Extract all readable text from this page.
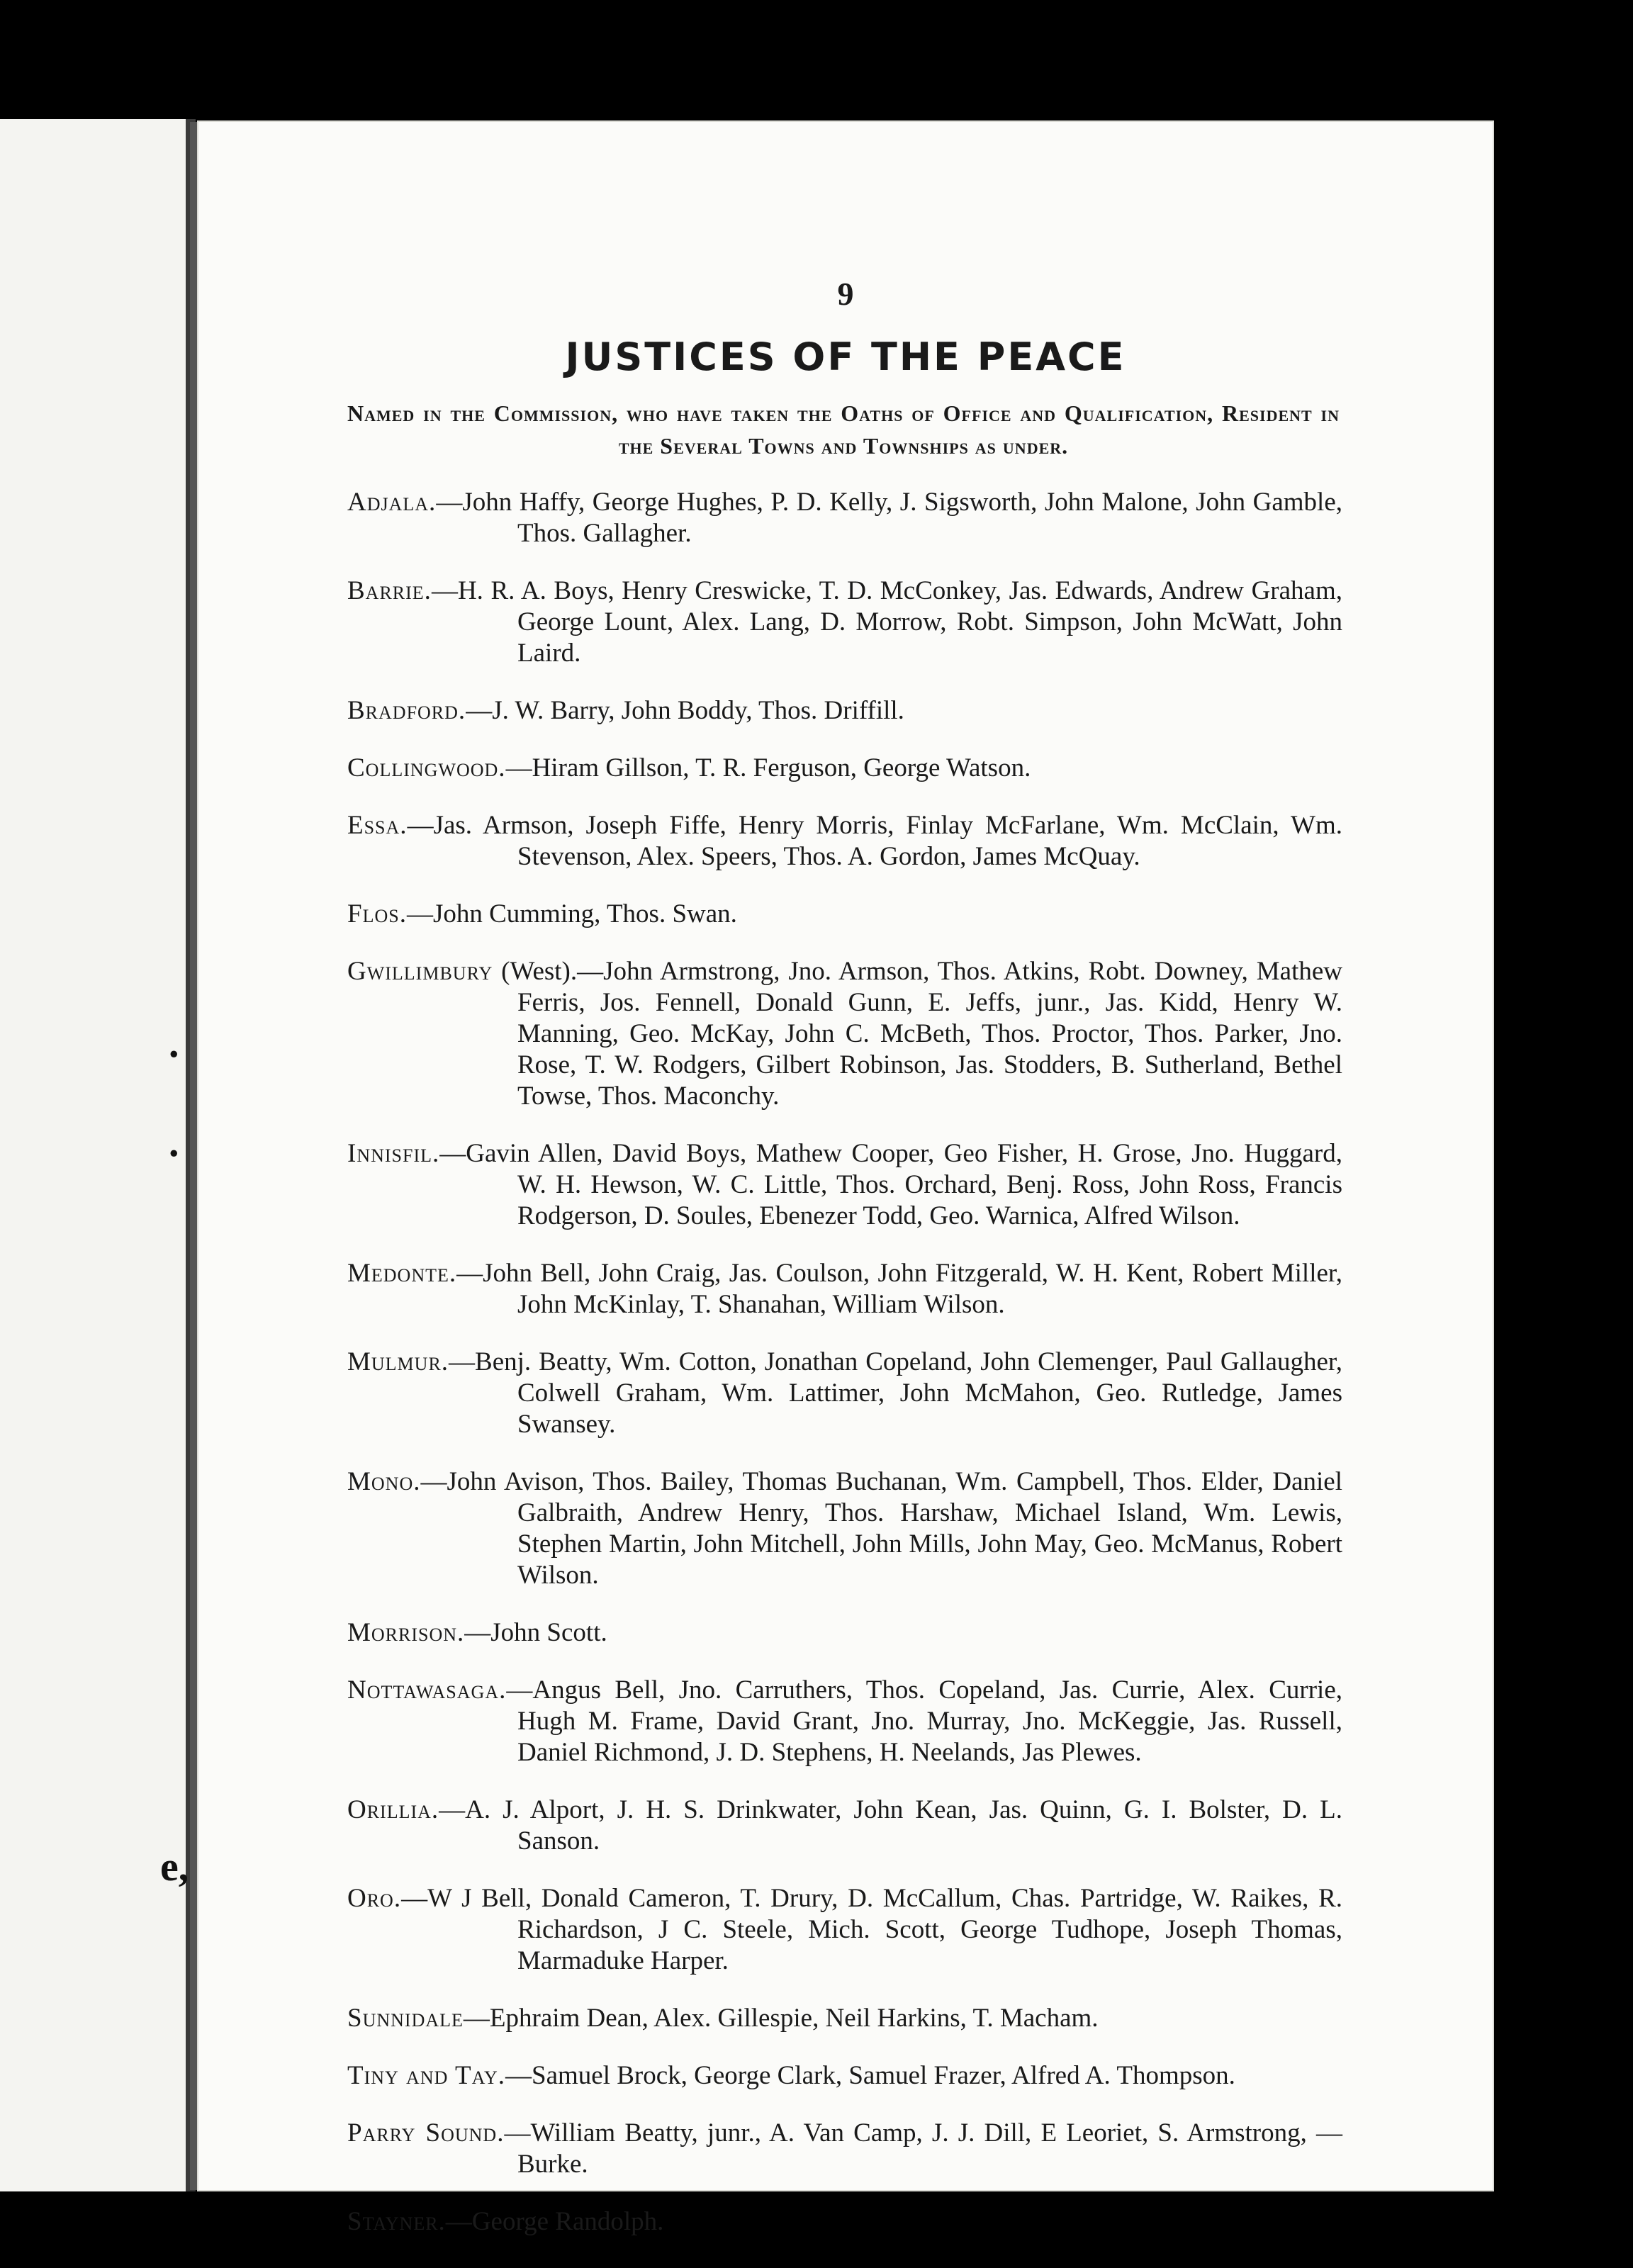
.
.
e,
9
JUSTICES OF THE PEACE
Named in the Commission, who have taken the Oaths of Office and Qualification, Resident in the Several Towns and Townships as under.

Adjala.—John Haffy, George Hughes, P. D. Kelly, J. Sigsworth, John Malone, John Gamble, Thos. Gallagher.

Barrie.—H. R. A. Boys, Henry Creswicke, T. D. McConkey, Jas. Edwards, Andrew Graham, George Lount, Alex. Lang, D. Morrow, Robt. Simpson, John McWatt, John Laird.

Bradford.—J. W. Barry, John Boddy, Thos. Driffill.

Collingwood.—Hiram Gillson, T. R. Ferguson, George Watson.

Essa.—Jas. Armson, Joseph Fiffe, Henry Morris, Finlay McFarlane, Wm. McClain, Wm. Stevenson, Alex. Speers, Thos. A. Gordon, James McQuay.

Flos.—John Cumming, Thos. Swan.

Gwillimbury (West).—John Armstrong, Jno. Armson, Thos. Atkins, Robt. Downey, Mathew Ferris, Jos. Fennell, Donald Gunn, E. Jeffs, junr., Jas. Kidd, Henry W. Manning, Geo. McKay, John C. McBeth, Thos. Proctor, Thos. Parker, Jno. Rose, T. W. Rodgers, Gilbert Robinson, Jas. Stodders, B. Sutherland, Bethel Towse, Thos. Maconchy.

Innisfil.—Gavin Allen, David Boys, Mathew Cooper, Geo Fisher, H. Grose, Jno. Huggard, W. H. Hewson, W. C. Little, Thos. Orchard, Benj. Ross, John Ross, Francis Rodgerson, D. Soules, Ebenezer Todd, Geo. Warnica, Alfred Wilson.

Medonte.—John Bell, John Craig, Jas. Coulson, John Fitzgerald, W. H. Kent, Robert Miller, John McKinlay, T. Shanahan, William Wilson.

Mulmur.—Benj. Beatty, Wm. Cotton, Jonathan Copeland, John Clemenger, Paul Gallaugher, Colwell Graham, Wm. Lattimer, John McMahon, Geo. Rutledge, James Swansey.

Mono.—John Avison, Thos. Bailey, Thomas Buchanan, Wm. Campbell, Thos. Elder, Daniel Galbraith, Andrew Henry, Thos. Harshaw, Michael Island, Wm. Lewis, Stephen Martin, John Mitchell, John Mills, John May, Geo. McManus, Robert Wilson.

Morrison.—John Scott.

Nottawasaga.—Angus Bell, Jno. Carruthers, Thos. Copeland, Jas. Currie, Alex. Currie, Hugh M. Frame, David Grant, Jno. Murray, Jno. McKeggie, Jas. Russell, Daniel Richmond, J. D. Stephens, H. Neelands, Jas Plewes.

Orillia.—A. J. Alport, J. H. S. Drinkwater, John Kean, Jas. Quinn, G. I. Bolster, D. L. Sanson.

Oro.—W J Bell, Donald Cameron, T. Drury, D. McCallum, Chas. Partridge, W. Raikes, R. Richardson, J C. Steele, Mich. Scott, George Tudhope, Joseph Thomas, Marmaduke Harper.

Sunnidale—Ephraim Dean, Alex. Gillespie, Neil Harkins, T. Macham.

Tiny and Tay.—Samuel Brock, George Clark, Samuel Frazer, Alfred A. Thompson.

Parry Sound.—William Beatty, junr., A. Van Camp, J. J. Dill, E Leoriet, S. Armstrong, — Burke.

Stayner.—George Randolph.
